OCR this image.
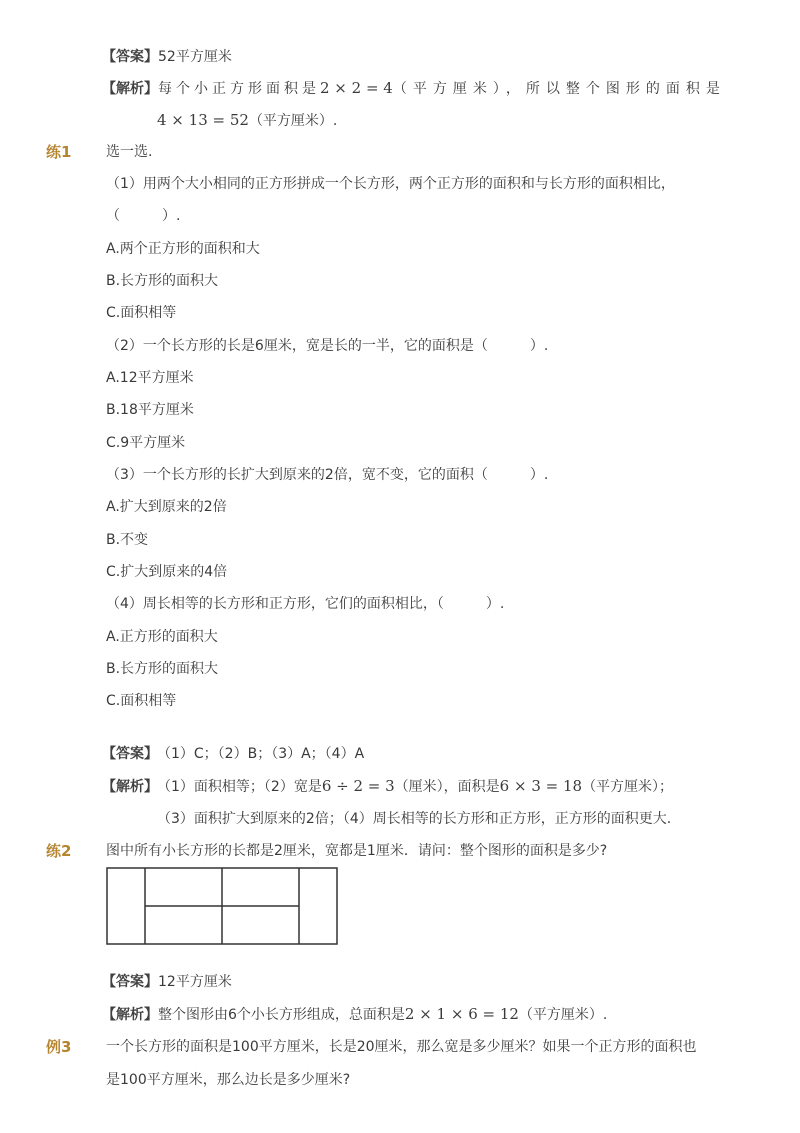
【答案】52平方厘米
【解析】每个小正方形面积是2 × 2 = 4（平方厘米），所以整个图形的面积是
4 × 13 = 52（平方厘米）.
练1 选一选.
（1）用两个大小相同的正方形拼成一个长方形，两个正方形的面积和与长方形的面积相比，
（　　　）.
A.两个正方形的面积和大
B.长方形的面积大
C.面积相等
（2）一个长方形的长是6厘米，宽是长的一半，它的面积是（　　　）.
A.12平方厘米
B.18平方厘米
C.9平方厘米
（3）一个长方形的长扩大到原来的2倍，宽不变，它的面积（　　　）.
A.扩大到原来的2倍
B.不变
C.扩大到原来的4倍
（4）周长相等的长方形和正方形，它们的面积相比，（　　　）.
A.正方形的面积大
B.长方形的面积大
C.面积相等
【答案】 （1）C；（2）B；（3）A；（4）A
【解析】 （1）面积相等；（2）宽是6 ÷ 2 = 3（厘米），面积是6 × 3 = 18（平方厘米）；
（3）面积扩大到原来的2倍；（4）周长相等的长方形和正方形，正方形的面积更大.
练2 图中所有小长方形的长都是2厘米，宽都是1厘米．请问：整个图形的面积是多少?
【答案】12平方厘米
【解析】整个图形由6个小长方形组成，总面积是2 × 1 × 6 = 12（平方厘米）.
例3 一个长方形的面积是100平方厘米，长是20厘米，那么宽是多少厘米？如果一个正方形的面积也
是100平方厘米，那么边长是多少厘米?
